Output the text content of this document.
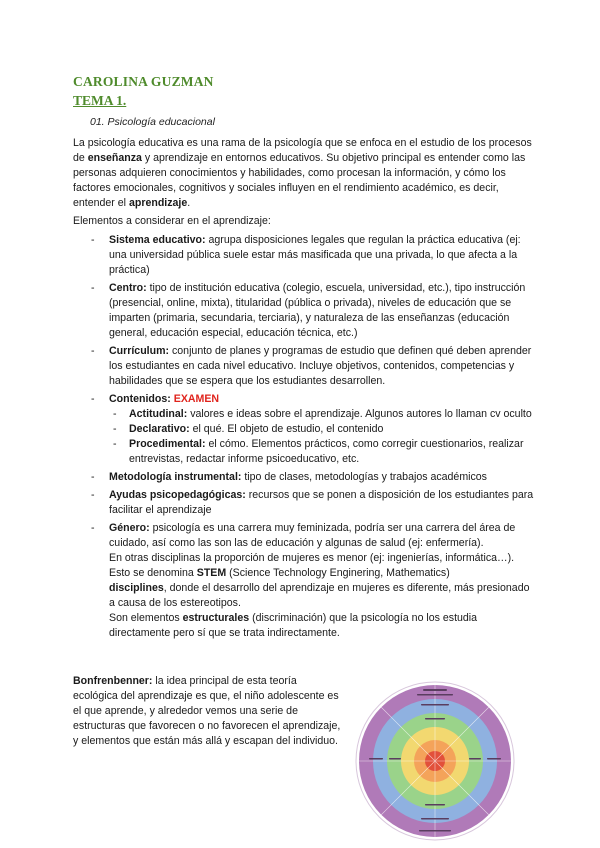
CAROLINA GUZMAN
TEMA 1.
01. Psicología educacional
La psicología educativa es una rama de la psicología que se enfoca en el estudio de los procesos de enseñanza y aprendizaje en entornos educativos. Su objetivo principal es entender como las personas adquieren conocimientos y habilidades, como procesan la información, y cómo los factores emocionales, cognitivos y sociales influyen en el rendimiento académico, es decir, entender el aprendizaje.
Elementos a considerar en el aprendizaje:
- Sistema educativo: agrupa disposiciones legales que regulan la práctica educativa (ej: una universidad pública suele estar más masificada que una privada, lo que afecta a la práctica)
- Centro: tipo de institución educativa (colegio, escuela, universidad, etc.), tipo instrucción (presencial, online, mixta), titularidad (pública o privada), niveles de educación que se imparten (primaria, secundaria, terciaria), y naturaleza de las enseñanzas (educación general, educación especial, educación técnica, etc.)
- Currículum: conjunto de planes y programas de estudio que definen qué deben aprender los estudiantes en cada nivel educativo. Incluye objetivos, contenidos, competencias y habilidades que se espera que los estudiantes desarrollen.
- Contenidos: EXAMEN
- Actitudinal: valores e ideas sobre el aprendizaje. Algunos autores lo llaman cv oculto
- Declarativo: el qué. El objeto de estudio, el contenido
- Procedimental: el cómo. Elementos prácticos, como corregir cuestionarios, realizar entrevistas, redactar informe psicoeducativo, etc.
- Metodología instrumental: tipo de clases, metodologías y trabajos académicos
- Ayudas psicopedagógicas: recursos que se ponen a disposición de los estudiantes para facilitar el aprendizaje
- Género: psicología es una carrera muy feminizada, podría ser una carrera del área de cuidado, así como las son las de educación y algunas de salud (ej: enfermería).
En otras disciplinas la proporción de mujeres es menor (ej: ingenierías, informática…).
Esto se denomina STEM (Science Technology Enginering, Mathematics)
disciplines, donde el desarrollo del aprendizaje en mujeres es diferente, más presionado a causa de los estereotipos.
Son elementos estructurales (discriminación) que la psicología no los estudia directamente pero sí que se trata indirectamente.
Bonfrenbenner: la idea principal de esta teoría ecológica del aprendizaje es que, el niño adolescente es el que aprende, y alrededor vemos una serie de estructuras que favorecen o no favorecen el aprendizaje, y elementos que están más allá y escapan del individuo.
